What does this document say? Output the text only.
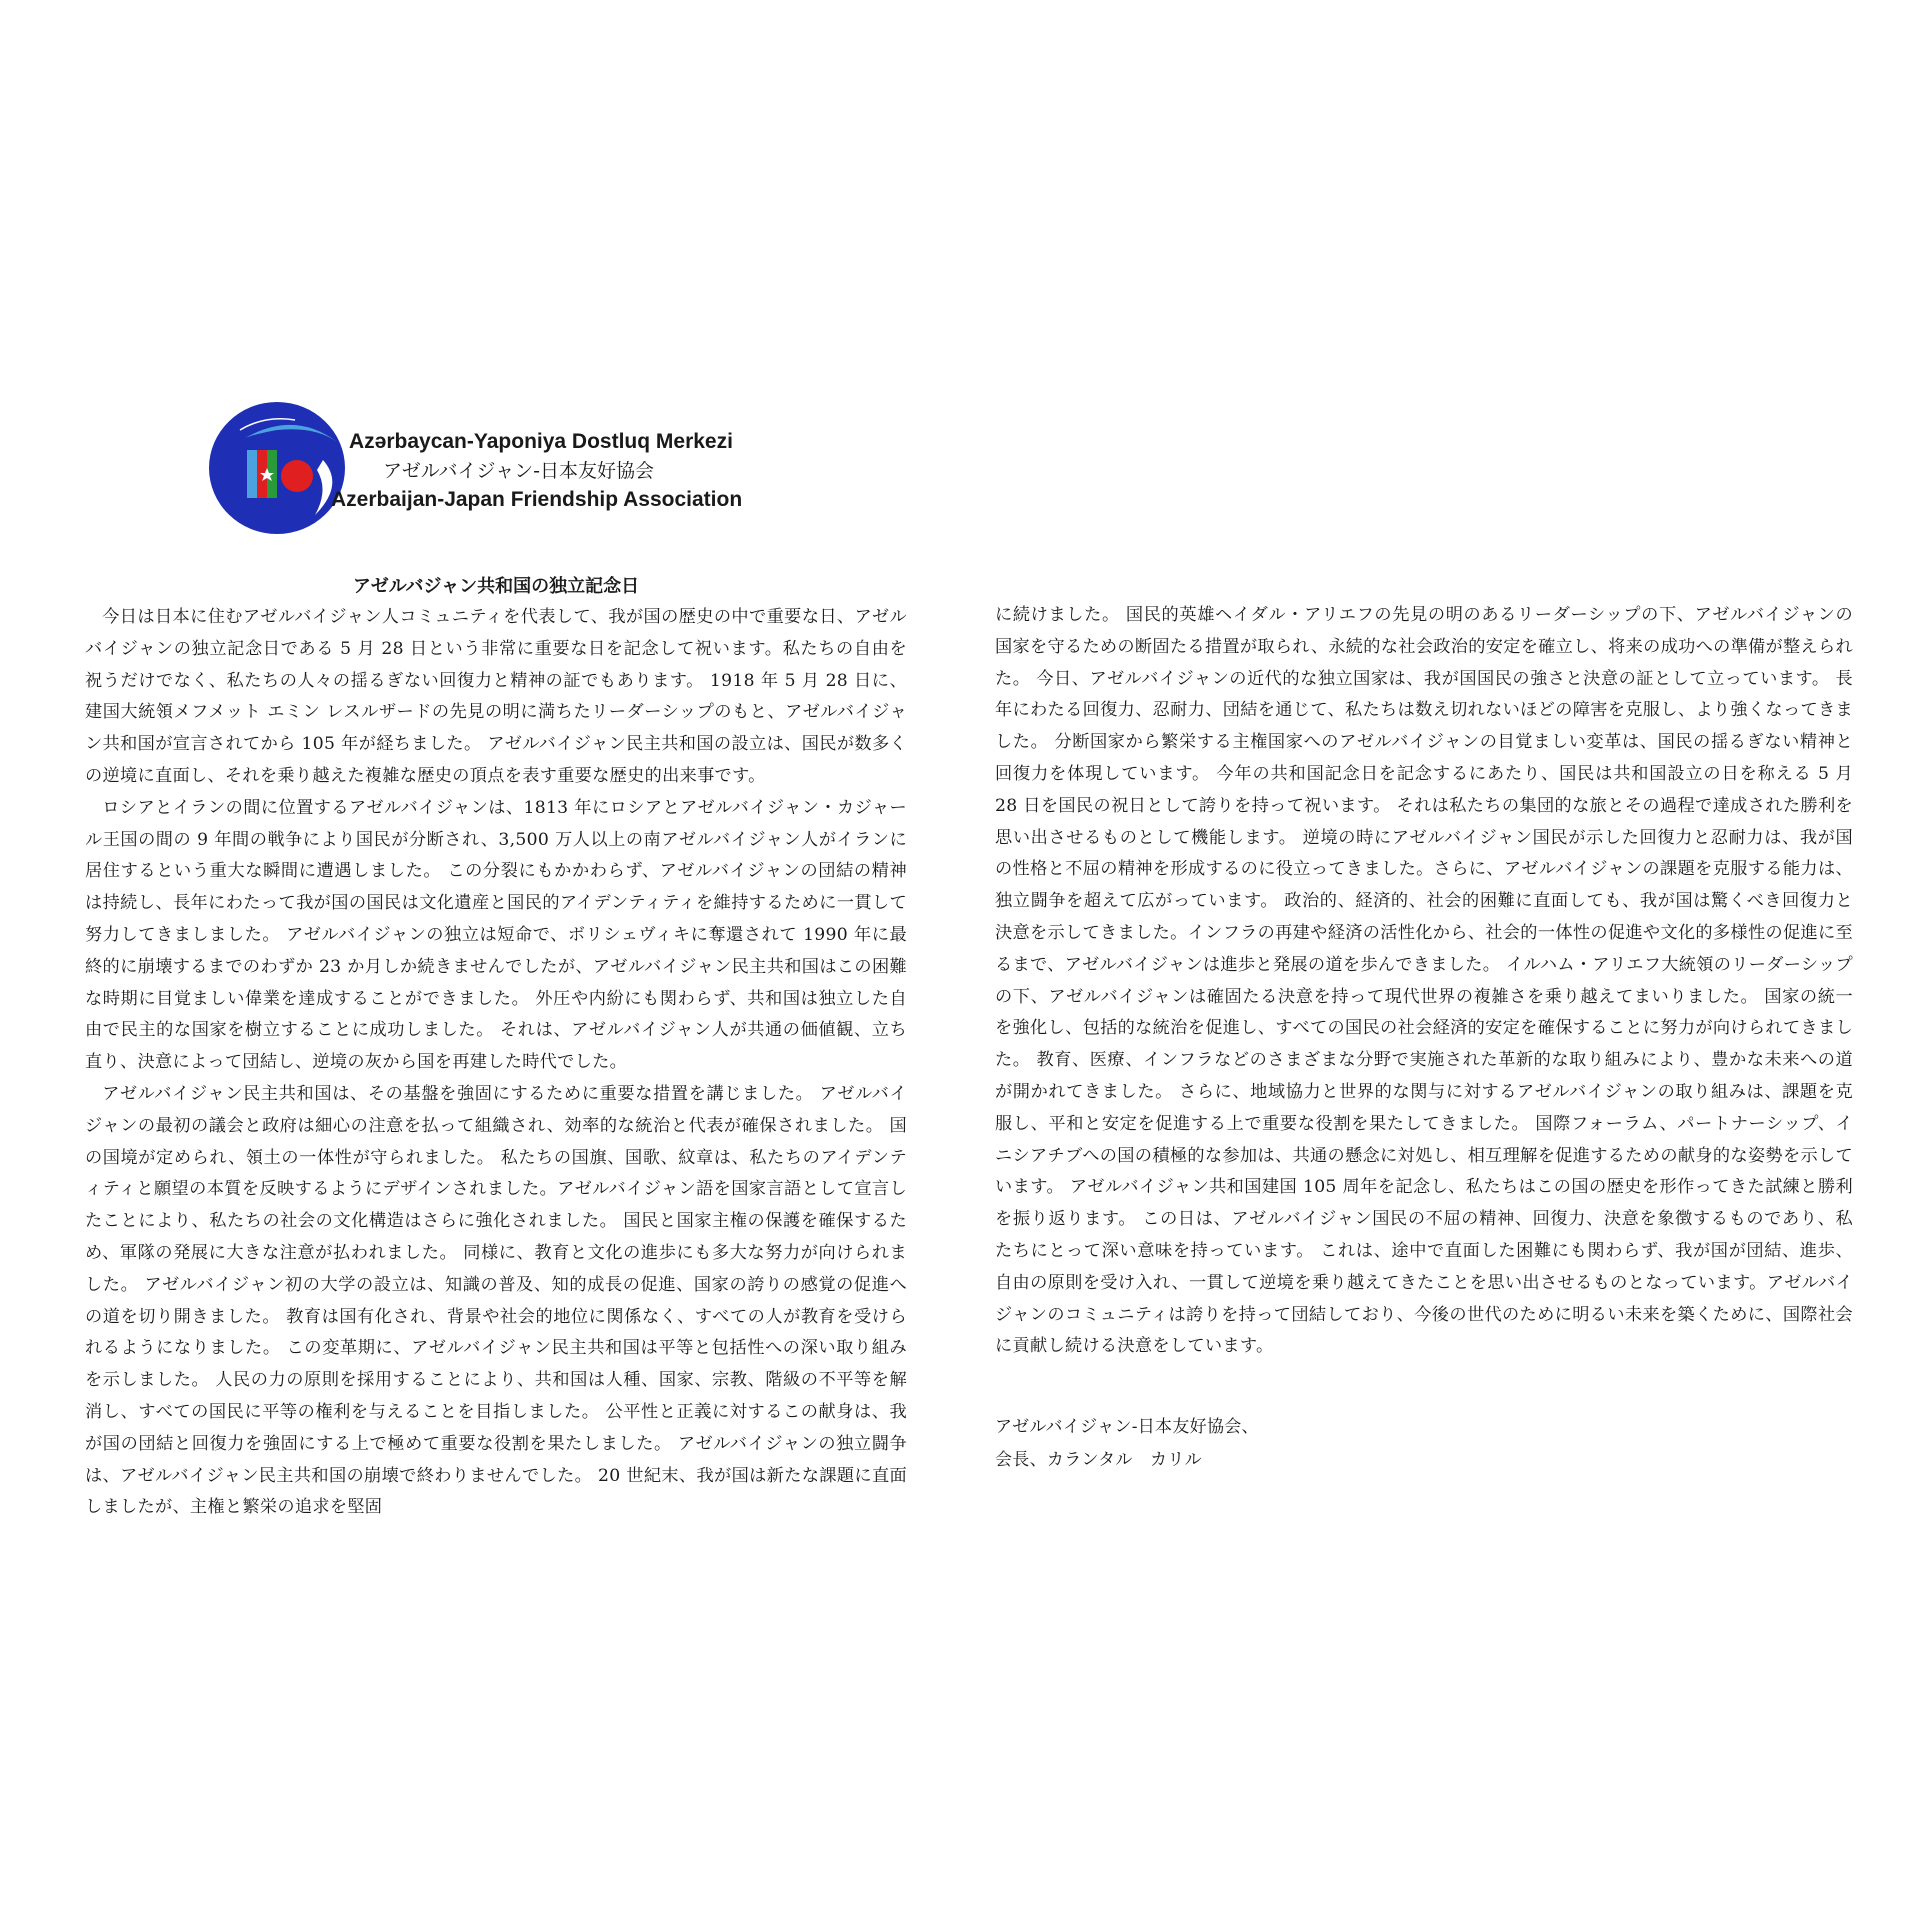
Azərbaycan-Yaponiya Dostluq Merkezi
アゼルバイジャン-日本友好協会
Azerbaijan-Japan Friendship Association
アゼルバジャン共和国の独立記念日

今日は日本に住むアゼルバイジャン人コミュニティを代表して、我が国の歴史の中で重要な日、アゼルバイジャンの独立記念日である 5 月 28 日という非常に重要な日を記念して祝います。私たちの自由を祝うだけでなく、私たちの人々の揺るぎない回復力と精神の証でもあります。 1918 年 5 月 28 日に、建国大統領メフメット エミン レスルザードの先見の明に満ちたリーダーシップのもと、アゼルバイジャン共和国が宣言されてから 105 年が経ちました。 アゼルバイジャン民主共和国の設立は、国民が数多くの逆境に直面し、それを乗り越えた複雑な歴史の頂点を表す重要な歴史的出来事です。

ロシアとイランの間に位置するアゼルバイジャンは、1813 年にロシアとアゼルバイジャン・カジャール王国の間の 9 年間の戦争により国民が分断され、3,500 万人以上の南アゼルバイジャン人がイランに居住するという重大な瞬間に遭遇しました。 この分裂にもかかわらず、アゼルバイジャンの団結の精神は持続し、長年にわたって我が国の国民は文化遺産と国民的アイデンティティを維持するために一貫して努力してきましました。 アゼルバイジャンの独立は短命で、ボリシェヴィキに奪還されて 1990 年に最終的に崩壊するまでのわずか 23 か月しか続きませんでしたが、アゼルバイジャン民主共和国はこの困難な時期に目覚ましい偉業を達成することができました。 外圧や内紛にも関わらず、共和国は独立した自由で民主的な国家を樹立することに成功しました。 それは、アゼルバイジャン人が共通の価値観、立ち直り、決意によって団結し、逆境の灰から国を再建した時代でした。

アゼルバイジャン民主共和国は、その基盤を強固にするために重要な措置を講じました。 アゼルバイジャンの最初の議会と政府は細心の注意を払って組織され、効率的な統治と代表が確保されました。 国の国境が定められ、領土の一体性が守られました。 私たちの国旗、国歌、紋章は、私たちのアイデンティティと願望の本質を反映するようにデザインされました。アゼルバイジャン語を国家言語として宣言したことにより、私たちの社会の文化構造はさらに強化されました。 国民と国家主権の保護を確保するため、軍隊の発展に大きな注意が払われました。 同様に、教育と文化の進歩にも多大な努力が向けられました。 アゼルバイジャン初の大学の設立は、知識の普及、知的成長の促進、国家の誇りの感覚の促進への道を切り開きました。 教育は国有化され、背景や社会的地位に関係なく、すべての人が教育を受けられるようになりました。 この変革期に、アゼルバイジャン民主共和国は平等と包括性への深い取り組みを示しました。 人民の力の原則を採用することにより、共和国は人種、国家、宗教、階級の不平等を解消し、すべての国民に平等の権利を与えることを目指しました。 公平性と正義に対するこの献身は、我が国の団結と回復力を強固にする上で極めて重要な役割を果たしました。 アゼルバイジャンの独立闘争は、アゼルバイジャン民主共和国の崩壊で終わりませんでした。 20 世紀末、我が国は新たな課題に直面しましたが、主権と繁栄の追求を堅固

に続けました。 国民的英雄ヘイダル・アリエフの先見の明のあるリーダーシップの下、アゼルバイジャンの国家を守るための断固たる措置が取られ、永続的な社会政治的安定を確立し、将来の成功への準備が整えられた。 今日、アゼルバイジャンの近代的な独立国家は、我が国国民の強さと決意の証として立っています。 長年にわたる回復力、忍耐力、団結を通じて、私たちは数え切れないほどの障害を克服し、より強くなってきました。 分断国家から繁栄する主権国家へのアゼルバイジャンの目覚ましい変革は、国民の揺るぎない精神と回復力を体現しています。 今年の共和国記念日を記念するにあたり、国民は共和国設立の日を称える 5 月 28 日を国民の祝日として誇りを持って祝います。 それは私たちの集団的な旅とその過程で達成された勝利を思い出させるものとして機能します。 逆境の時にアゼルバイジャン国民が示した回復力と忍耐力は、我が国の性格と不屈の精神を形成するのに役立ってきました。さらに、アゼルバイジャンの課題を克服する能力は、独立闘争を超えて広がっています。 政治的、経済的、社会的困難に直面しても、我が国は驚くべき回復力と決意を示してきました。インフラの再建や経済の活性化から、社会的一体性の促進や文化的多様性の促進に至るまで、アゼルバイジャンは進歩と発展の道を歩んできました。 イルハム・アリエフ大統領のリーダーシップの下、アゼルバイジャンは確固たる決意を持って現代世界の複雑さを乗り越えてまいりました。 国家の統一を強化し、包括的な統治を促進し、すべての国民の社会経済的安定を確保することに努力が向けられてきました。 教育、医療、インフラなどのさまざまな分野で実施された革新的な取り組みにより、豊かな未来への道が開かれてきました。 さらに、地域協力と世界的な関与に対するアゼルバイジャンの取り組みは、課題を克服し、平和と安定を促進する上で重要な役割を果たしてきました。 国際フォーラム、パートナーシップ、イニシアチブへの国の積極的な参加は、共通の懸念に対処し、相互理解を促進するための献身的な姿勢を示しています。 アゼルバイジャン共和国建国 105 周年を記念し、私たちはこの国の歴史を形作ってきた試練と勝利を振り返ります。 この日は、アゼルバイジャン国民の不屈の精神、回復力、決意を象徴するものであり、私たちにとって深い意味を持っています。 これは、途中で直面した困難にも関わらず、我が国が団結、進歩、自由の原則を受け入れ、一貫して逆境を乗り越えてきたことを思い出させるものとなっています。アゼルバイジャンのコミュニティは誇りを持って団結しており、今後の世代のために明るい未来を築くために、国際社会に貢献し続ける決意をしています。

アゼルバイジャン-日本友好協会、
会長、カランタル　カリル
